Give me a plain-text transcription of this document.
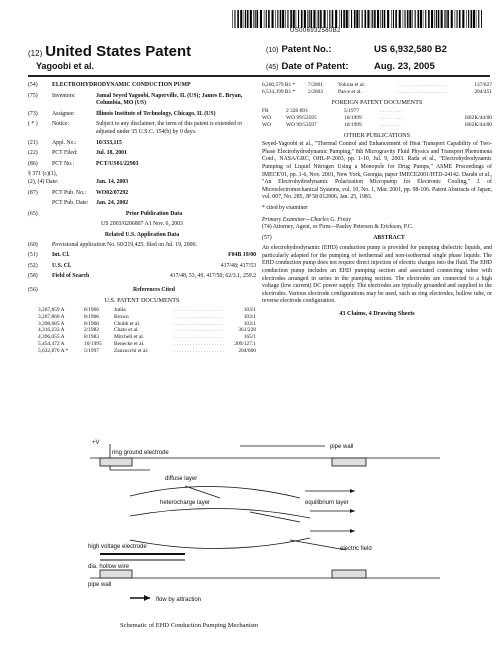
US006932580B2
(12) United States Patent
Yagoobi et al.
(10) Patent No.:	US 6,932,580 B2
(45) Date of Patent:	Aug. 23, 2005
(54)	ELECTROHYDRODYNAMIC CONDUCTION PUMP
(75)	Inventors:	Jamal Seyed Yagoobi, Naperville, IL (US); James E. Bryan, Columbia, MO (US)
(73)	Assignee:	Illinois Institute of Technology, Chicago, IL (US)
( * )	Notice:	Subject to any disclaimer, the term of this patent is extended or adjusted under 35 U.S.C. 154(b) by 0 days.
(21)	Appl. No.:	10/333,115
(22)	PCT Filed:	Jul. 18, 2001
(86)	PCT No.:	PCT/US01/22903
§ 371 (c)(1),
(2), (4) Date:	Jan. 14, 2003
(87)	PCT Pub. No.:	WO02/07292
PCT Pub. Date:	Jan. 24, 2002
(65)	Prior Publication Data
US 2003/0206807 A1 Nov. 6, 2003
Related U.S. Application Data
(60)	Provisional application No. 60/219,425, filed on Jul. 19, 2000.
(51)	Int. Cl.	F04B 19/00
(52)	U.S. Cl.	417/48; 417/53
(58)	Field of Search	417/48, 53, 49, 417/50; 62/3.1, 259.2
(56)	References Cited
U.S. PATENT DOCUMENTS
3,267,859 A	8/1966	Jutila	. . . . . . . . . . . . . . . . . . .	103/1
3,267,860 A	8/1966	Brown	. . . . . . . . . . . . . . . . . . .	103/1
3,398,685 A	8/1968	Chubb et al.	. . . . . . . . . . . . . . . . . . .	103/1
4,316,233 A	2/1982	Chato et al.	. . . . . . . . . . . . . . . . . . .	361/228
4,396,055 A	8/1983	Mitchell et al.	. . . . . . . . . . . . . . . . . . .	165/1
5,454,472 A	10/1995	Benecke et al.	. . . . . . . . . . . . . . . . . . .	209/127.1
5,632,876 A *	5/1997	Zanzucchi et al.	. . . . . . . . . . . . . . . . . . .	204/600
6,260,579 B1 *	7/2001	Yokota et al.	. . . . . . . . . . . . . . . . . . .	137/827
6,514,399 B1 *	2/2003	Parce et al.	. . . . . . . . . . . . . . . . . . .	204/451
FOREIGN PATENT DOCUMENTS
FR	2 328 893	5/1977	. . . . . . . . .
WO	WO 99/53595	10/1999	. . . . . . . . .	H02K/44/00
WO	WO 99/53597	10/1999	. . . . . . . . .	H02K/44/00
OTHER PUBLICATIONS
Seyed-Yagoobi et al., "Thermal Control and Enhancement of Heat Transport Capability of Two-Phase Electrohydrodynamic Pumping," 8th Microgravity Fluid Physics and Transport Phenomena Conf., NASA/GRC, OHL-P-2003, pp. 1-10, Jul. 9, 2003. Rada et al., "Electrohydrodynamic Pumping of Liquid Nitrogen Using a Monopole for Drug Pumps," ASME Proceedings of IMECE'01, pp. 1-6, Nov. 2001, New York, Georgia, paper IMECE2001/HTD-24142. Darabi et al., "An Electrohydrodynamic Polarization Micropump for Electronic Cooling," J. of Microelectromechanical Systems, vol. 10, No. 1, Mar. 2001, pp. 98-106. Patent Abstracts of Japan, vol. 007, No. 285, JP 58 012906, Jan. 25, 1983.
* cited by examiner
Primary Examiner—Charles G. Freay
(74) Attorney, Agent, or Firm—Pauley Petersen & Erickson, P.C.
(57)	ABSTRACT
An electrohydrodynamic (EHD) conduction pump is provided for pumping dielectric liquids, and particularly adapted for the pumping of isothermal and non-isothermal single phase liquids. The EHD conduction pump does not require direct injection of electric charges into the fluid. The EHD conduction pump includes an EHD pumping section and associated connecting tubes with electrodes arranged in series in the pumping section. The electrodes are connected to a high voltage (low current) DC power supply. The electrodes are typically grounded and supplied to the electrodes. Various electrode configurations may be used, such as ring electrodes, hollow tube, or reverse electrode configuration.
43 Claims, 4 Drawing Sheets
+V
ring ground electrode
pipe wall
diffuse layer
heterocharge layer	equilibrium layer
electric field
high voltage electrode
dia. hollow wire
pipe wall
flow by attraction
Schematic of EHD Conduction Pumping Mechanism
